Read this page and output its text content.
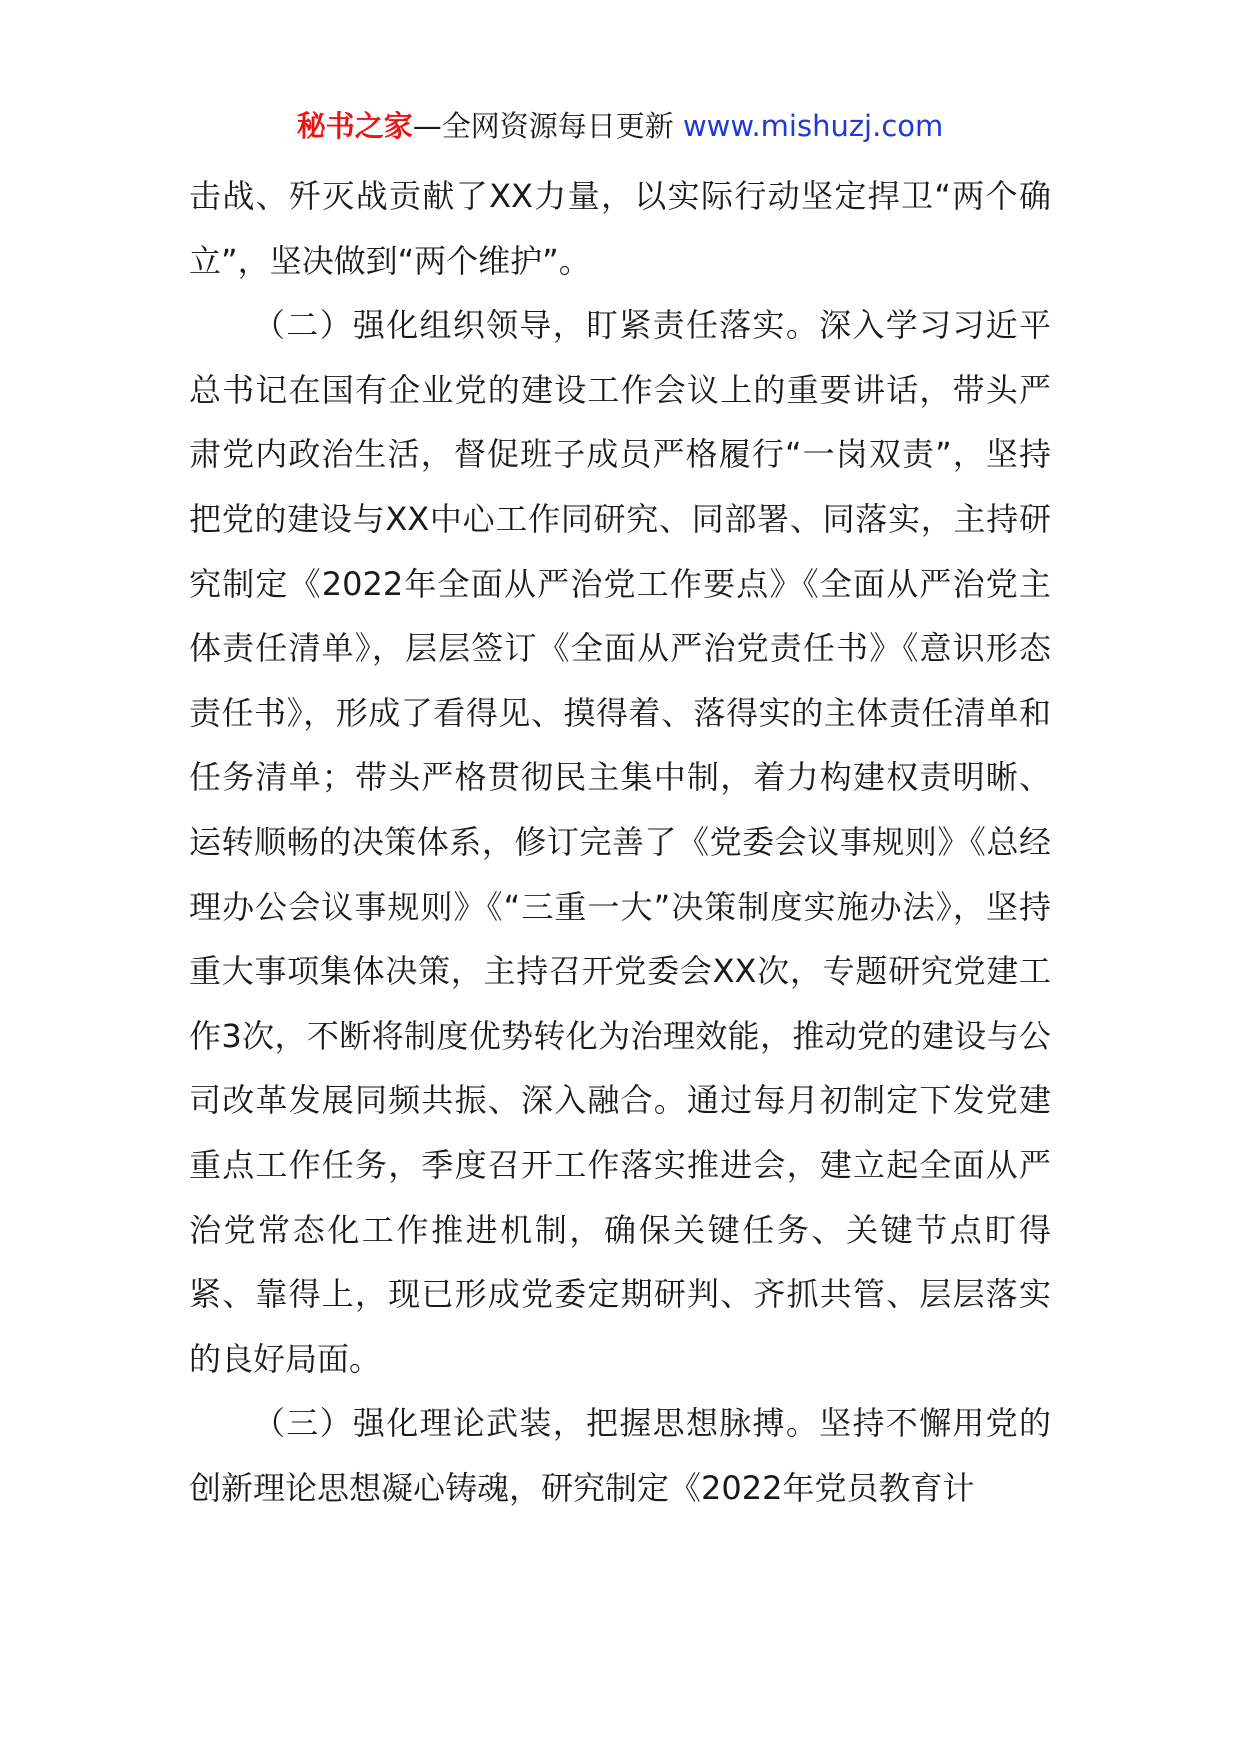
秘书之家—全网资源每日更新 www.mishuzj.com

击战、歼灭战贡献了XX力量，以实际行动坚定捍卫“两个确立”，坚决做到“两个维护”。

（二）强化组织领导，盯紧责任落实。深入学习习近平总书记在国有企业党的建设工作会议上的重要讲话，带头严肃党内政治生活，督促班子成员严格履行“一岗双责”，坚持把党的建设与XX中心工作同研究、同部署、同落实，主持研究制定《2022年全面从严治党工作要点》《全面从严治党主体责任清单》，层层签订《全面从严治党责任书》《意识形态责任书》，形成了看得见、摸得着、落得实的主体责任清单和任务清单；带头严格贯彻民主集中制，着力构建权责明晰、运转顺畅的决策体系，修订完善了《党委会议事规则》《总经理办公会议事规则》《“三重一大”决策制度实施办法》，坚持重大事项集体决策，主持召开党委会XX次，专题研究党建工作3次，不断将制度优势转化为治理效能，推动党的建设与公司改革发展同频共振、深入融合。通过每月初制定下发党建重点工作任务，季度召开工作落实推进会，建立起全面从严治党常态化工作推进机制，确保关键任务、关键节点盯得紧、靠得上，现已形成党委定期研判、齐抓共管、层层落实的良好局面。

（三）强化理论武装，把握思想脉搏。坚持不懈用党的创新理论思想凝心铸魂，研究制定《2022年党员教育计
